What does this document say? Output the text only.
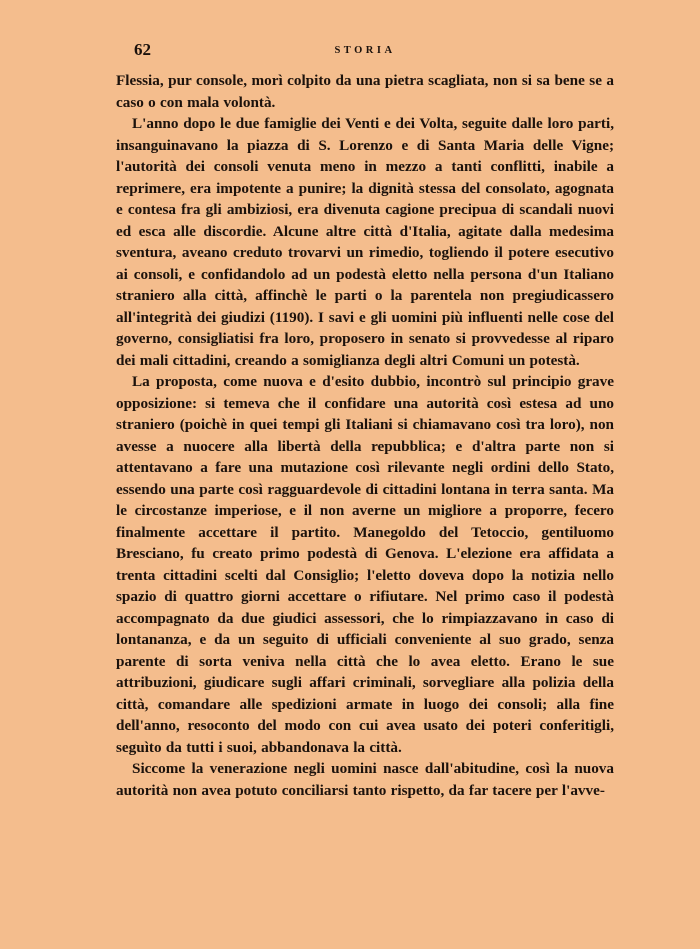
62	STORIA

Flessia, pur console, morì colpito da una pietra scagliata, non si sa bene se a caso o con mala volontà.

L'anno dopo le due famiglie dei Venti e dei Volta, seguite dalle loro parti, insanguinavano la piazza di S. Lorenzo e di Santa Maria delle Vigne; l'autorità dei consoli venuta meno in mezzo a tanti conflitti, inabile a reprimere, era impotente a punire; la dignità stessa del consolato, agognata e contesa fra gli ambiziosi, era divenuta cagione precipua di scandali nuovi ed esca alle discordie. Alcune altre città d'Italia, agitate dalla medesima sventura, aveano creduto trovarvi un rimedio, togliendo il potere esecutivo ai consoli, e confidandolo ad un podestà eletto nella persona d'un Italiano straniero alla città, affinchè le parti o la parentela non pregiudicassero all'integrità dei giudizi (1190). I savi e gli uomini più influenti nelle cose del governo, consigliatisi fra loro, proposero in senato si provvedesse al riparo dei mali cittadini, creando a somiglianza degli altri Comuni un potestà.

La proposta, come nuova e d'esito dubbio, incontrò sul principio grave opposizione: si temeva che il confidare una autorità così estesa ad uno straniero (poichè in quei tempi gli Italiani si chiamavano così tra loro), non avesse a nuocere alla libertà della repubblica; e d'altra parte non si attentavano a fare una mutazione così rilevante negli ordini dello Stato, essendo una parte così ragguardevole di cittadini lontana in terra santa. Ma le circostanze imperiose, e il non averne un migliore a proporre, fecero finalmente accettare il partito. Manegoldo del Tetoccio, gentiluomo Bresciano, fu creato primo podestà di Genova. L'elezione era affidata a trenta cittadini scelti dal Consiglio; l'eletto doveva dopo la notizia nello spazio di quattro giorni accettare o rifiutare. Nel primo caso il podestà accompagnato da due giudici assessori, che lo rimpiazzavano in caso di lontananza, e da un seguito di ufficiali conveniente al suo grado, senza parente di sorta veniva nella città che lo avea eletto. Erano le sue attribuzioni, giudicare sugli affari criminali, sorvegliare alla polizia della città, comandare alle spedizioni armate in luogo dei consoli; alla fine dell'anno, resoconto del modo con cui avea usato dei poteri conferitigli, seguìto da tutti i suoi, abbandonava la città.

Siccome la venerazione negli uomini nasce dall'abitudine, così la nuova autorità non avea potuto conciliarsi tanto rispetto, da far tacere per l'avve-
